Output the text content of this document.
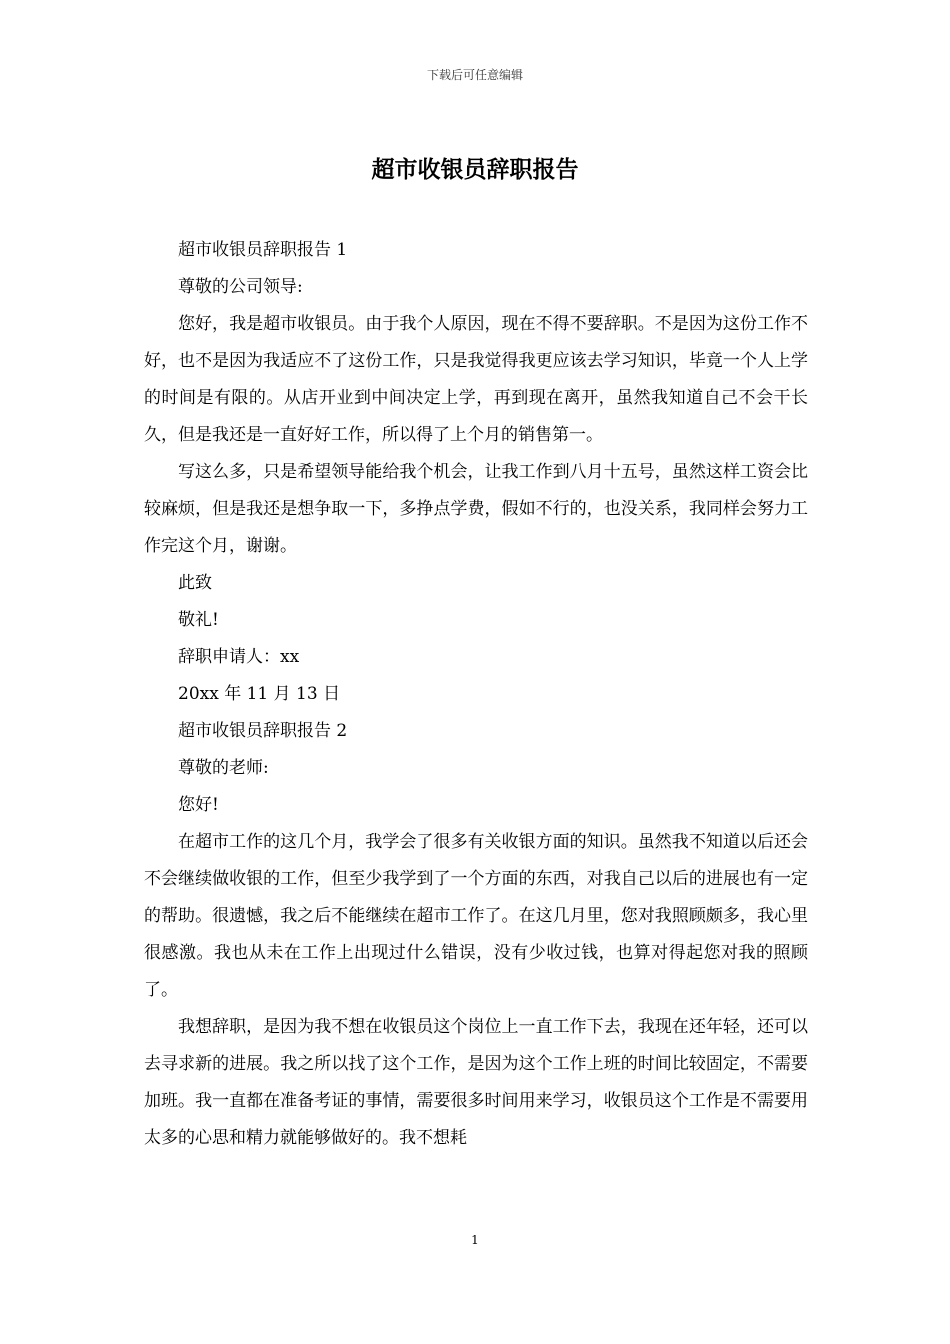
下载后可任意编辑
超市收银员辞职报告

超市收银员辞职报告 1

尊敬的公司领导:

您好，我是超市收银员。由于我个人原因，现在不得不要辞职。不是因为这份工作不好，也不是因为我适应不了这份工作，只是我觉得我更应该去学习知识，毕竟一个人上学的时间是有限的。从店开业到中间决定上学，再到现在离开，虽然我知道自己不会干长久，但是我还是一直好好工作，所以得了上个月的销售第一。

写这么多，只是希望领导能给我个机会，让我工作到八月十五号，虽然这样工资会比较麻烦，但是我还是想争取一下，多挣点学费，假如不行的，也没关系，我同样会努力工作完这个月，谢谢。

此致

敬礼!

辞职申请人：xx

20xx 年 11 月 13 日

超市收银员辞职报告 2

尊敬的老师:

您好!

在超市工作的这几个月，我学会了很多有关收银方面的知识。虽然我不知道以后还会不会继续做收银的工作，但至少我学到了一个方面的东西，对我自己以后的进展也有一定的帮助。很遗憾，我之后不能继续在超市工作了。在这几月里，您对我照顾颇多，我心里很感激。我也从未在工作上出现过什么错误，没有少收过钱，也算对得起您对我的照顾了。

我想辞职，是因为我不想在收银员这个岗位上一直工作下去，我现在还年轻，还可以去寻求新的进展。我之所以找了这个工作，是因为这个工作上班的时间比较固定，不需要加班。我一直都在准备考证的事情，需要很多时间用来学习，收银员这个工作是不需要用太多的心思和精力就能够做好的。我不想耗

1
